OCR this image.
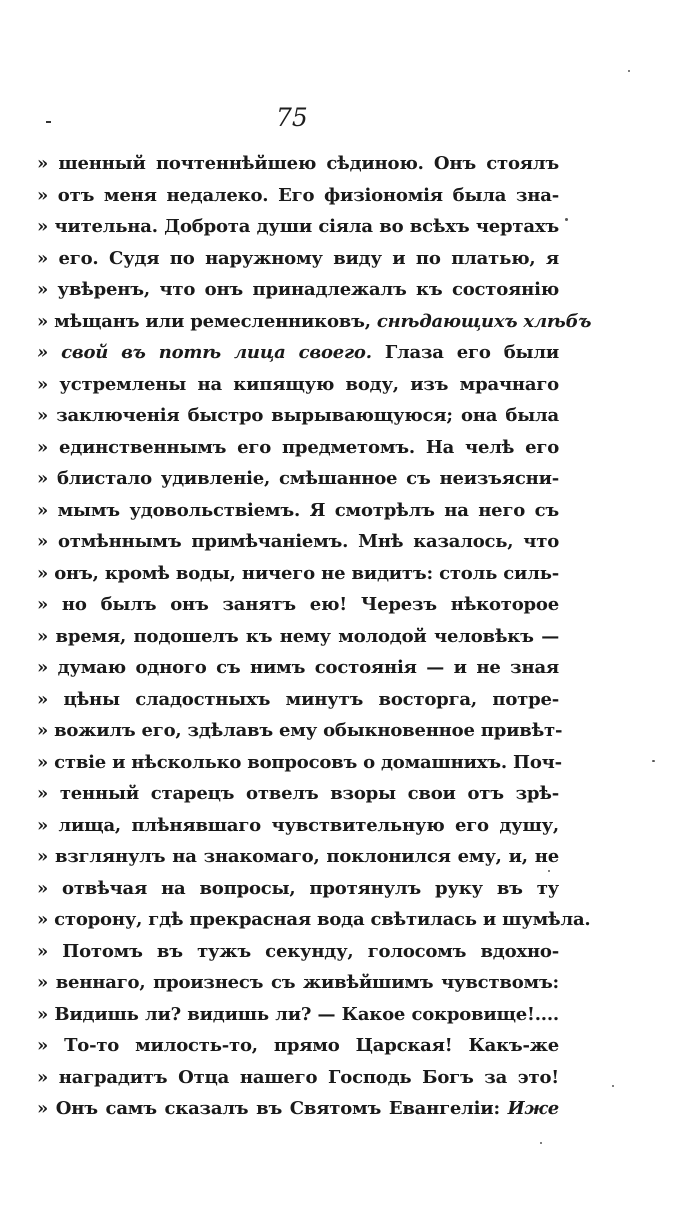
75
» шенный почтеннѣйшею сѣдиною. Онъ стоялъ
» отъ меня недалеко. Его физіономія была зна-
» чительна. Доброта души сіяла во всѣхъ чертахъ
» его. Судя по наружному виду и по платью, я
» увѣренъ, что онъ принадлежалъ къ состоянію
» мѣщанъ или ремесленниковъ, снѣдающихъ хлѣбъ
» свой въ потѣ лица своего. Глаза его были
» устремлены на кипящую воду, изъ мрачнаго
» заключенія быстро вырывающуюся; она была
» единственнымъ его предметомъ. На челѣ его
» блистало удивленіе, смѣшанное съ неизъясни-
» мымъ удовольствіемъ. Я смотрѣлъ на него съ
» отмѣннымъ примѣчаніемъ. Мнѣ казалось, что
» онъ, кромѣ воды, ничего не видитъ: столь силь-
» но былъ онъ занятъ ею! Черезъ нѣкоторое
» время, подошелъ къ нему молодой человѣкъ —
» думаю одного съ нимъ состоянія — и не зная
» цѣны сладостныхъ минутъ восторга, потре-
» вожилъ его, здѣлавъ ему обыкновенное привѣт-
» ствіе и нѣсколько вопросовъ о домашнихъ. Поч-
» тенный старецъ отвелъ взоры свои отъ зрѣ-
» лища, плѣнявшаго чувствительную его душу,
» взглянулъ на знакомаго, поклонился ему, и, не
» отвѣчая на вопросы, протянулъ руку въ ту
» сторону, гдѣ прекрасная вода свѣтилась и шумѣла.
» Потомъ въ тужъ секунду, голосомъ вдохно-
» веннаго, произнесъ съ живѣйшимъ чувствомъ:
» Видишь ли? видишь ли? — Какое сокровище!....
» То-то милость-то, прямо Царская! Какъ-же
» наградитъ Отца нашего Господь Богъ за это!
» Онъ самъ сказалъ въ Святомъ Евангеліи: Иже
